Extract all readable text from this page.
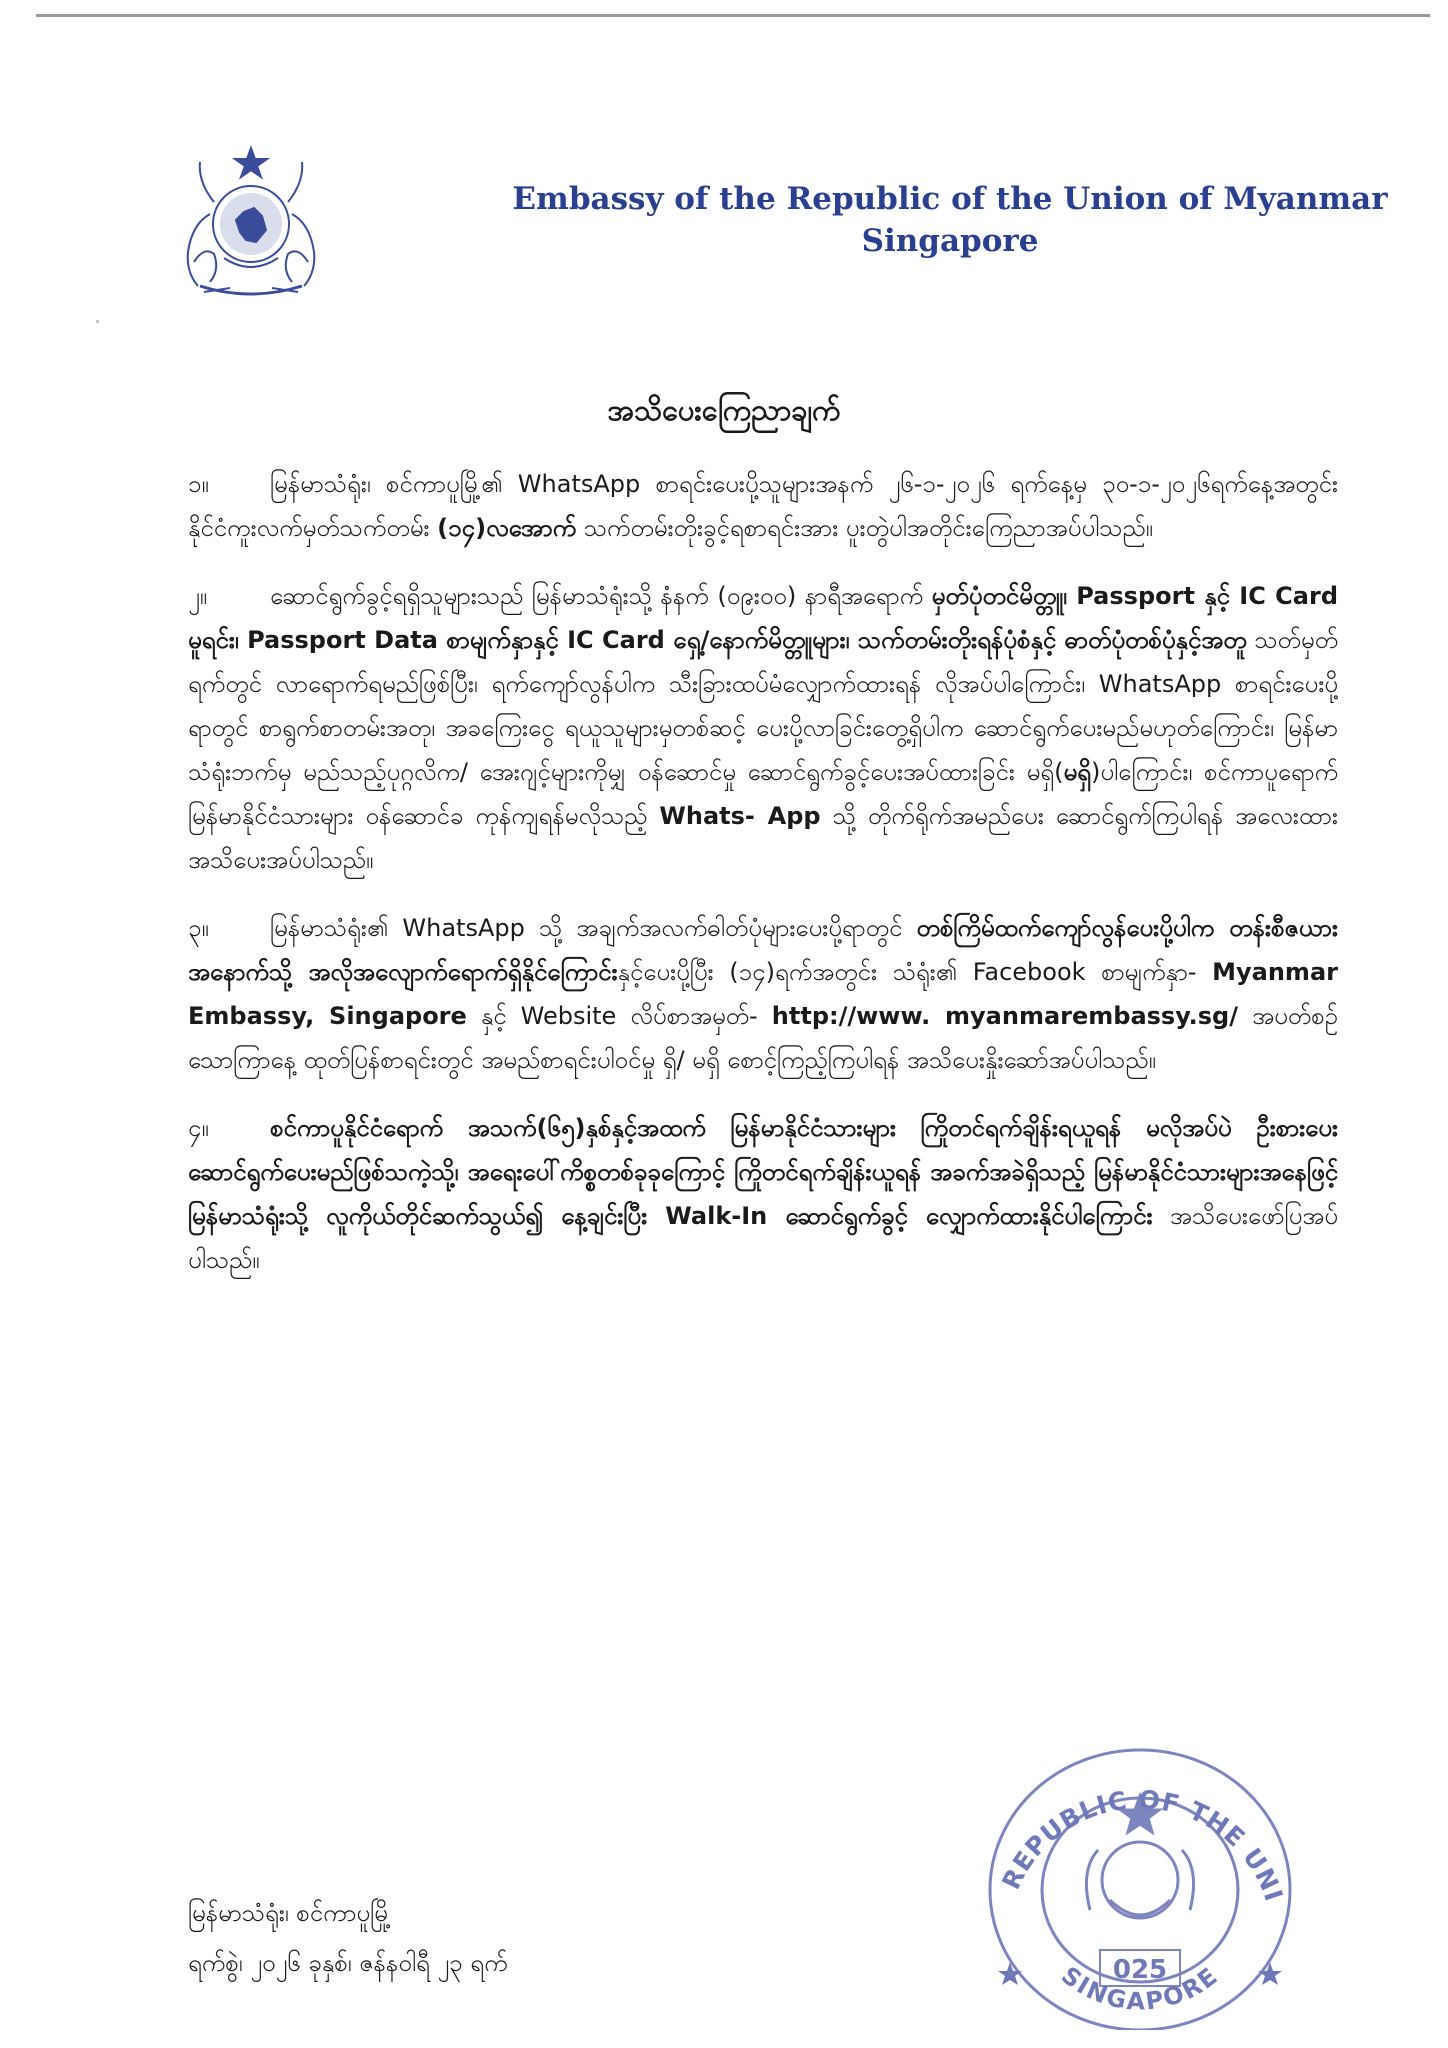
Embassy of the Republic of the Union of Myanmar
Singapore
အသိပေးကြေညာချက်
၁။	မြန်မာသံရုံး၊ စင်ကာပူမြို့၏ WhatsApp စာရင်းပေးပို့သူများအနက် ၂၆-၁-၂၀၂၆ ရက်နေ့မှ ၃၀-၁-၂၀၂၆ရက်နေ့အတွင်း နိုင်ငံကူးလက်မှတ်သက်တမ်း (၁၄)လအောက် သက်တမ်းတိုးခွင့်ရစာရင်းအား ပူးတွဲပါအတိုင်းကြေညာအပ်ပါသည်။
၂။	ဆောင်ရွက်ခွင့်ရရှိသူများသည် မြန်မာသံရုံးသို့ နံနက် (၀၉း၀၀) နာရီအရောက် မှတ်ပုံတင်မိတ္တူ၊ Passport နှင့် IC Card မူရင်း၊ Passport Data စာမျက်နှာနှင့် IC Card ရှေ့/နောက်မိတ္တူများ၊ သက်တမ်းတိုးရန်ပုံစံနှင့် ဓာတ်ပုံတစ်ပုံနှင့်အတူ သတ်မှတ်ရက်တွင် လာရောက်ရမည်ဖြစ်ပြီး၊ ရက်ကျော်လွန်ပါက သီးခြားထပ်မံလျှောက်ထားရန် လိုအပ်ပါကြောင်း၊ WhatsApp စာရင်းပေးပို့ရာတွင် စာရွက်စာတမ်းအတု၊ အခကြေးငွေ ရယူသူများမှတစ်ဆင့် ပေးပို့လာခြင်းတွေ့ရှိပါက ဆောင်ရွက်ပေးမည်မဟုတ်ကြောင်း၊ မြန်မာသံရုံးဘက်မှ မည်သည့်ပုဂ္ဂလိက/ အေးဂျင့်များကိုမျှ ဝန်ဆောင်မှု ဆောင်ရွက်ခွင့်ပေးအပ်ထားခြင်း မရှိ(မရှိ)ပါကြောင်း၊ စင်ကာပူရောက် မြန်မာနိုင်ငံသားများ ဝန်ဆောင်ခ ကုန်ကျရန်မလိုသည့် Whats- App သို့ တိုက်ရိုက်အမည်ပေး ဆောင်ရွက်ကြပါရန် အလေးထား အသိပေးအပ်ပါသည်။
၃။	မြန်မာသံရုံး၏ WhatsApp သို့ အချက်အလက်ဓါတ်ပုံများပေးပို့ရာတွင် တစ်ကြိမ်ထက်ကျော်လွန်ပေးပို့ပါက တန်းစီဇယားအနောက်သို့ အလိုအလျောက်ရောက်ရှိနိုင်ကြောင်းနှင့်ပေးပို့ပြီး (၁၄)ရက်အတွင်း သံရုံး၏ Facebook စာမျက်နှာ- Myanmar Embassy, Singapore နှင့် Website လိပ်စာအမှတ်- http://www. myanmarembassy.sg/ အပတ်စဉ် သောကြာနေ့ ထုတ်ပြန်စာရင်းတွင် အမည်စာရင်းပါဝင်မှု ရှိ/ မရှိ စောင့်ကြည့်ကြပါရန် အသိပေးနှိုးဆော်အပ်ပါသည်။
၄။	စင်ကာပူနိုင်ငံရောက် အသက်(၆၅)နှစ်နှင့်အထက် မြန်မာနိုင်ငံသားများ ကြိုတင်ရက်ချိန်းရယူရန် မလိုအပ်ပဲ ဦးစားပေးဆောင်ရွက်ပေးမည်ဖြစ်သကဲ့သို့၊ အရေးပေါ်ကိစ္စတစ်ခုခုကြောင့် ကြိုတင်ရက်ချိန်းယူရန် အခက်အခဲရှိသည့် မြန်မာနိုင်ငံသားများအနေဖြင့် မြန်မာသံရုံးသို့ လူကိုယ်တိုင်ဆက်သွယ်၍ နေ့ချင်းပြီး Walk-In ဆောင်ရွက်ခွင့် လျှောက်ထားနိုင်ပါကြောင်း အသိပေးဖော်ပြအပ်ပါသည်။
မြန်မာသံရုံး၊ စင်ကာပူမြို့
ရက်စွဲ၊ ၂၀၂၆ ခုနှစ်၊ ဇန်နဝါရီ ၂၃ ရက်
REPUBLIC OF THE UNI
SINGAPORE
025
